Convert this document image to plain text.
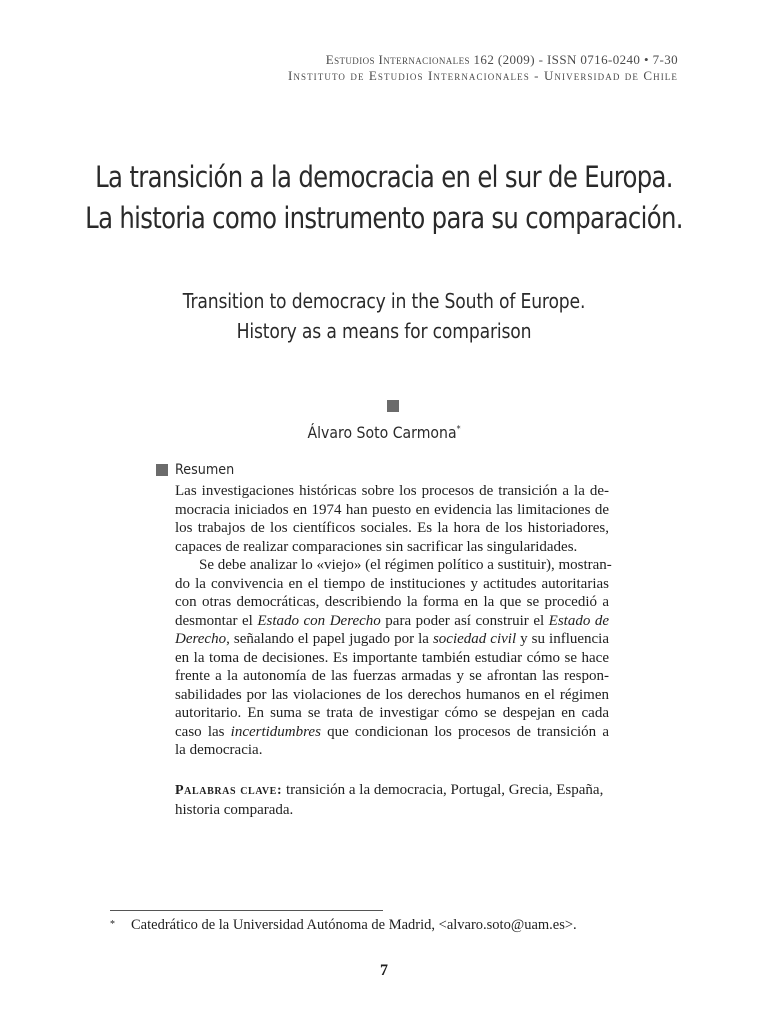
Estudios Internacionales 162 (2009) - ISSN 0716-0240 • 7-30
Instituto de Estudios Internacionales - Universidad de Chile
La transición a la democracia en el sur de Europa.
La historia como instrumento para su comparación.
Transition to democracy in the South of Europe.
History as a means for comparison
Álvaro Soto Carmona*
Resumen
Las investigaciones históricas sobre los procesos de transición a la de-
mocracia iniciados en 1974 han puesto en evidencia las limitaciones de
los trabajos de los científicos sociales. Es la hora de los historiadores,
capaces de realizar comparaciones sin sacrificar las singularidades.
Se debe analizar lo «viejo» (el régimen político a sustituir), mostran-
do la convivencia en el tiempo de instituciones y actitudes autoritarias
con otras democráticas, describiendo la forma en la que se procedió a
desmontar el Estado con Derecho para poder así construir el Estado de
Derecho, señalando el papel jugado por la sociedad civil y su influencia
en la toma de decisiones. Es importante también estudiar cómo se hace
frente a la autonomía de las fuerzas armadas y se afrontan las respon-
sabilidades por las violaciones de los derechos humanos en el régimen
autoritario. En suma se trata de investigar cómo se despejan en cada
caso las incertidumbres que condicionan los procesos de transición a
la democracia.
Palabras clave: transición a la democracia, Portugal, Grecia, España,
historia comparada.
* Catedrático de la Universidad Autónoma de Madrid, <alvaro.soto@uam.es>.
7
